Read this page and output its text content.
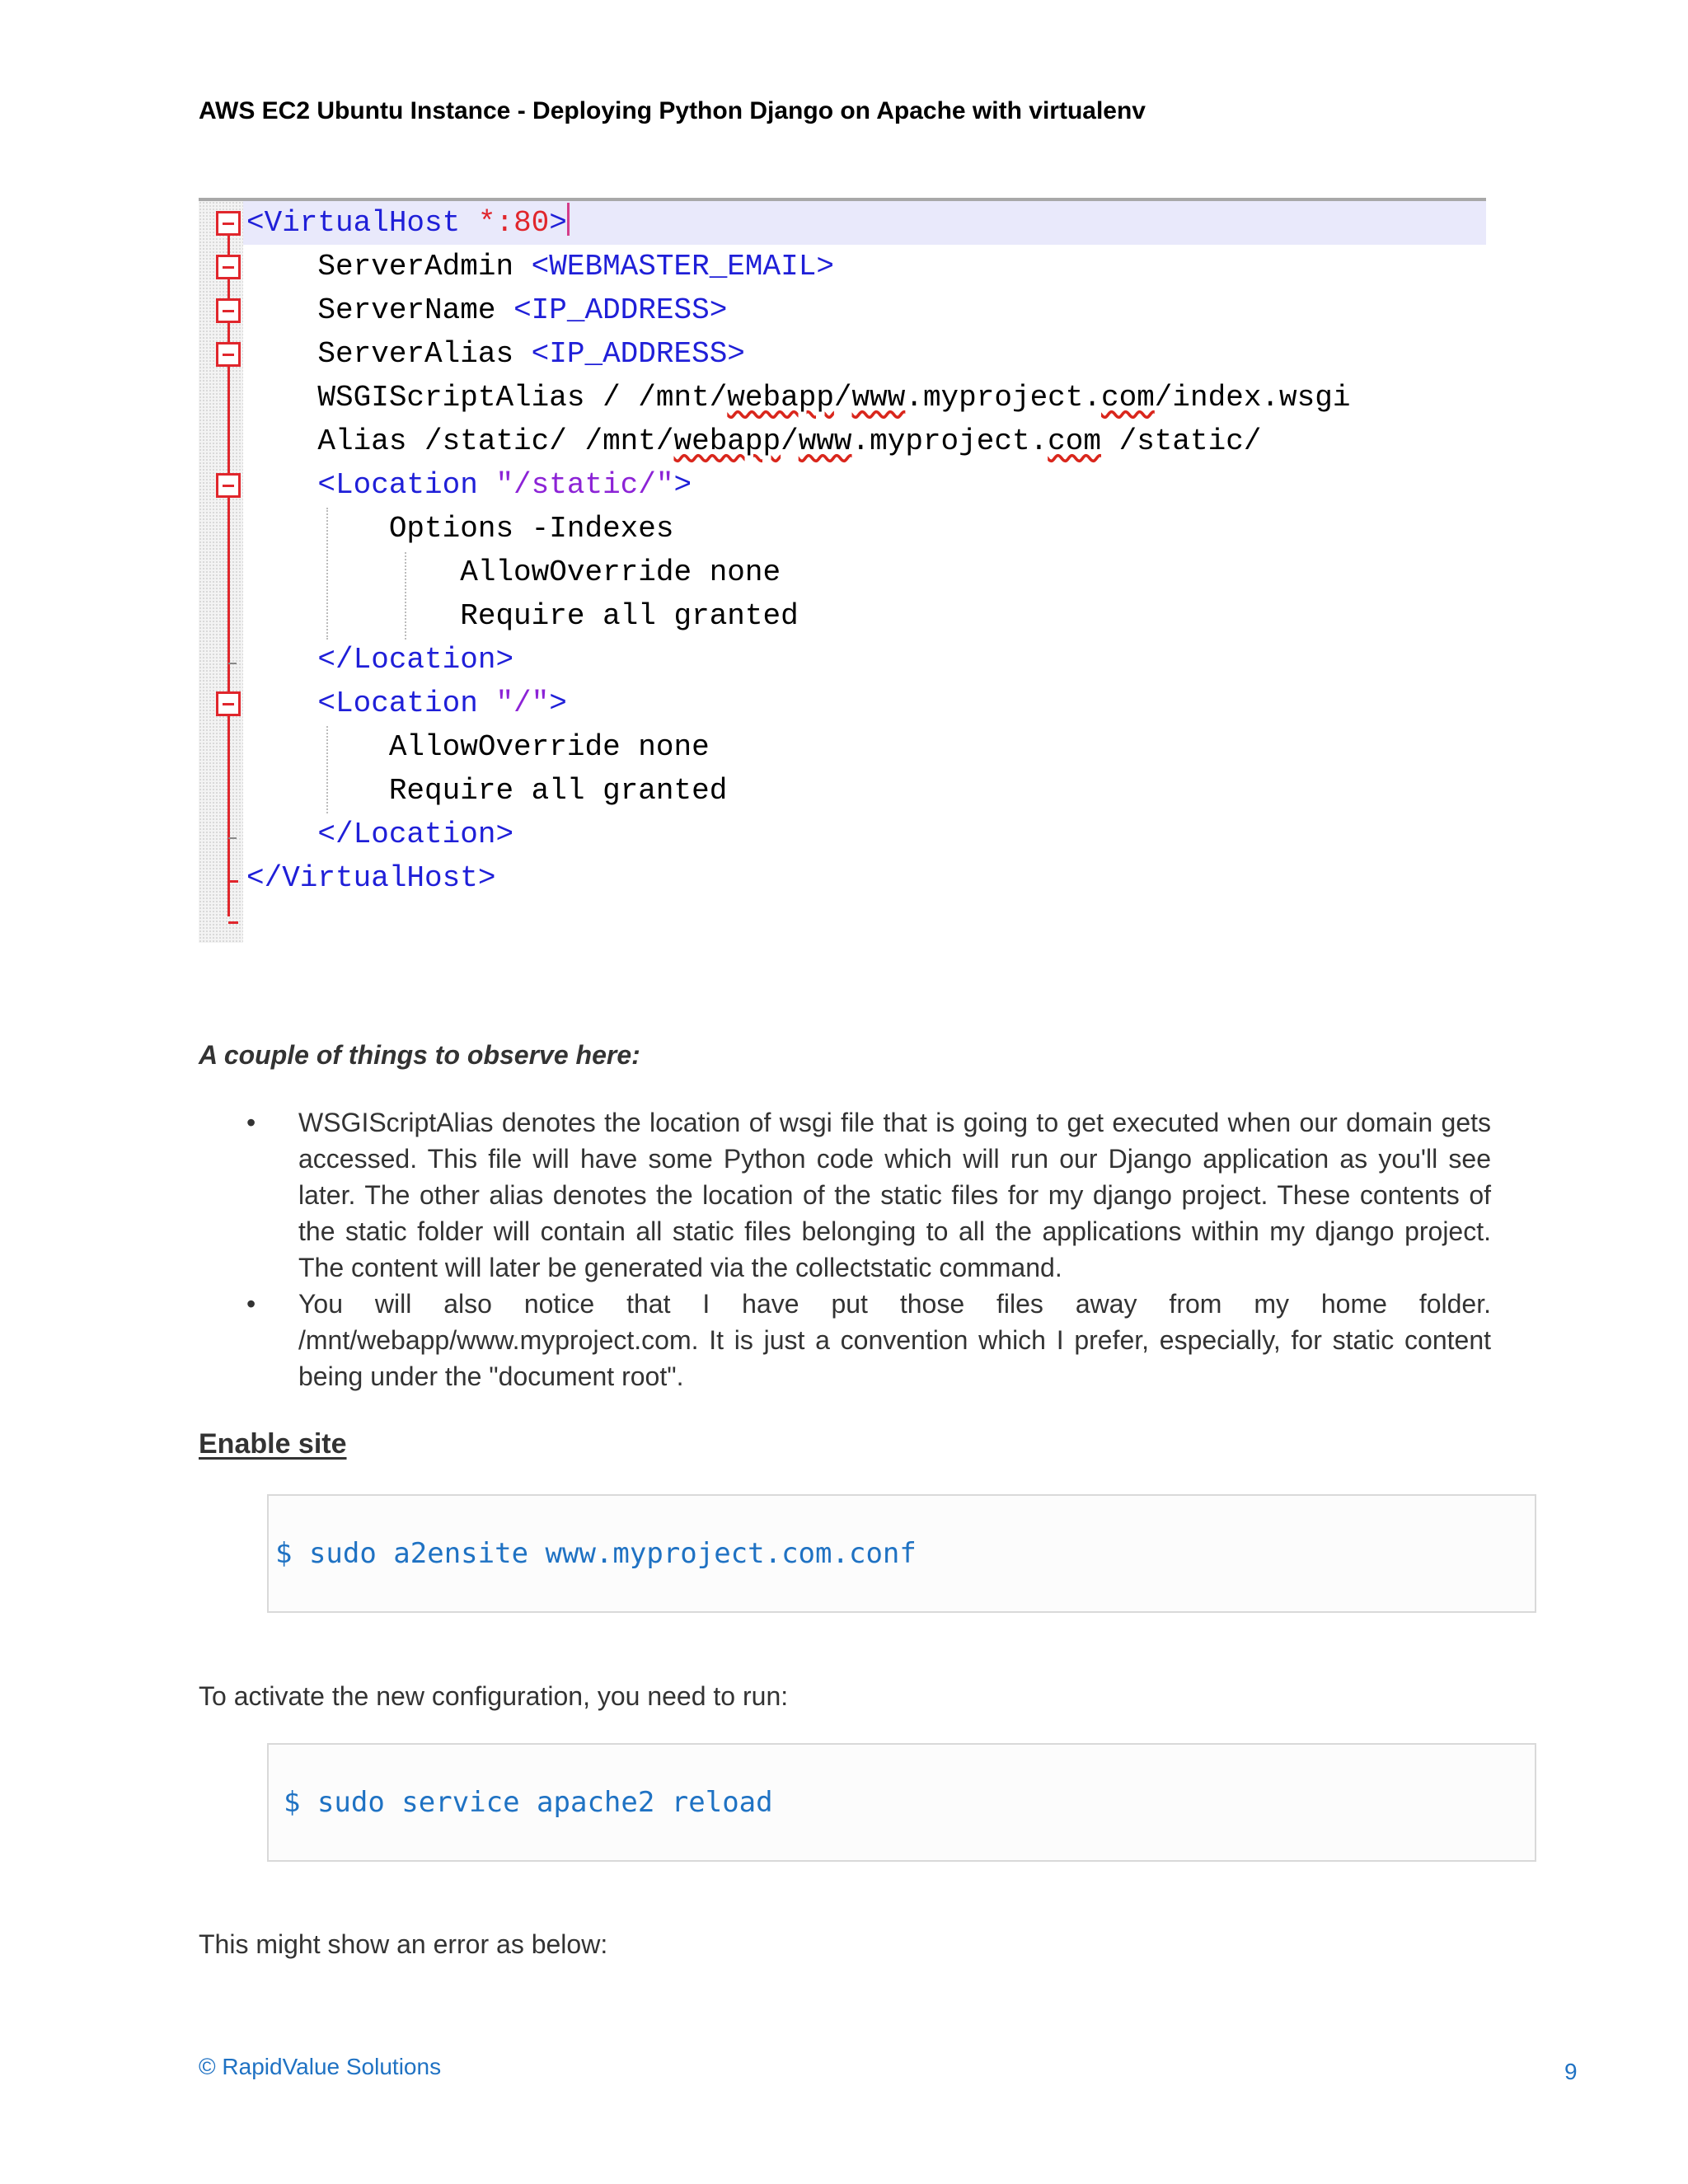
AWS EC2 Ubuntu Instance - Deploying Python Django on Apache with virtualenv
<VirtualHost *:80>
ServerAdmin <WEBMASTER_EMAIL>
ServerName <IP_ADDRESS>
ServerAlias <IP_ADDRESS>
WSGIScriptAlias / /mnt/webapp/www.myproject.com/index.wsgi
Alias /static/ /mnt/webapp/www.myproject.com /static/
<Location "/static/">
Options -Indexes
AllowOverride none
Require all granted
</Location>
<Location "/">
AllowOverride none
Require all granted
</Location>
</VirtualHost>
A couple of things to observe here:
• WSGIScriptAlias denotes the location of wsgi file that is going to get executed when our domain gets accessed. This file will have some Python code which will run our Django application as you'll see later. The other alias denotes the location of the static files for my django project. These contents of the static folder will contain all static files belonging to all the applications within my django project. The content will later be generated via the collectstatic command.
• You will also notice that I have put those files away from my home folder. /mnt/webapp/www.myproject.com. It is just a convention which I prefer, especially, for static content being under the "document root".
Enable site
$ sudo a2ensite www.myproject.com.conf
To activate the new configuration, you need to run:
$ sudo service apache2 reload
This might show an error as below:
© RapidValue Solutions	9
